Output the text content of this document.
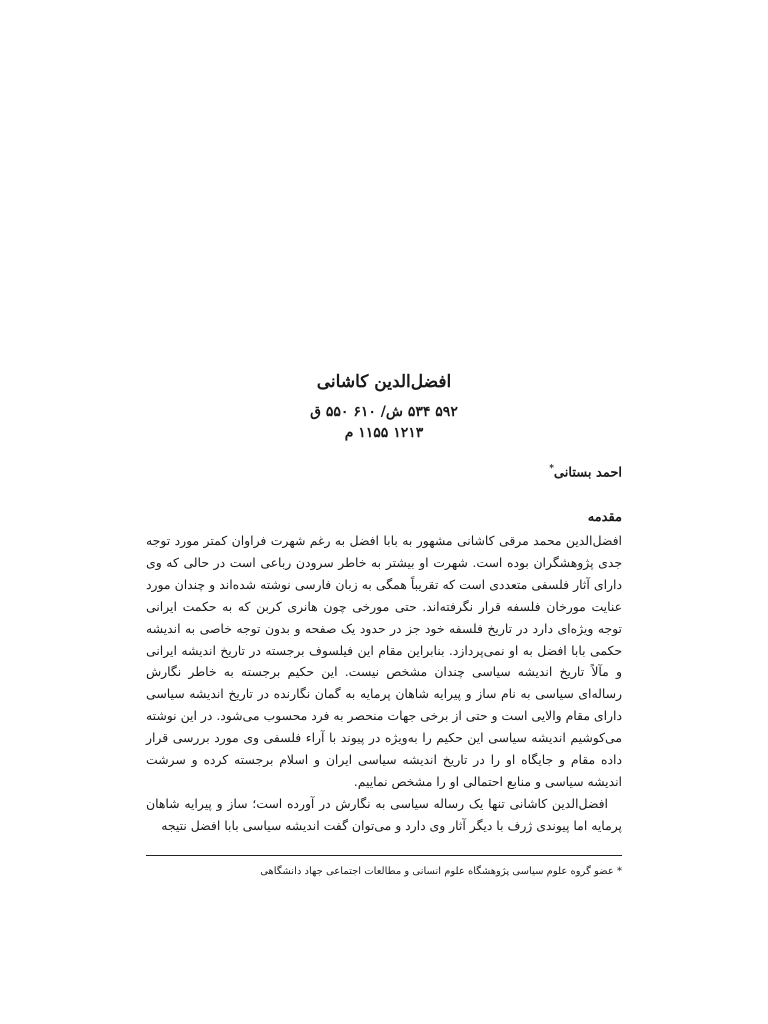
افضل‌الدين كاشانی
۵۹۲ ۵۳۴ ش/ ۶۱۰ ۵۵۰ ق
۱۲۱۳ ۱۱۵۵ م
احمد بستانی*
مقدمه

افضل‌الدين محمد مرقی كاشانی مشهور به بابا افضل به رغم شهرت فراوان كمتر مورد توجه جدی پژوهشگران بوده است. شهرت او بيشتر به خاطر سرودن رباعی است در حالی كه وی دارای آثار فلسفی متعددی است كه تقريباً همگی به زبان فارسی نوشته شده‌اند و چندان مورد عنايت مورخان فلسفه قرار نگرفته‌اند. حتی مورخی چون هانری كربن كه به حكمت ايرانی توجه ويژه‌ای دارد در تاريخ فلسفه خود جز در حدود يک صفحه و بدون توجه خاصی به انديشه حكمی بابا افضل به او نمی‌پردازد. بنابراين مقام اين فيلسوف برجسته در تاريخ انديشه ايرانی و مآلاً تاريخ انديشه سياسی چندان مشخص نيست. اين حكيم برجسته به خاطر نگارش رساله‌ای سياسی به نام ساز و پيرايه شاهان پرمايه به گمان نگارنده در تاريخ انديشه سياسی دارای مقام والايی است و حتی از برخی جهات منحصر به فرد محسوب می‌شود. در اين نوشته می‌كوشيم انديشه سياسی اين حكيم را به‌ويژه در پيوند با آراء فلسفی وی مورد بررسی قرار داده مقام و جايگاه او را در تاريخ انديشه سياسی ايران و اسلام برجسته كرده و سرشت انديشه سياسی و منابع احتمالی او را مشخص نماييم.

افضل‌الدين كاشانی تنها يک رساله سياسی به نگارش در آورده است؛ ساز و پيرايه شاهان پرمايه اما پيوندی ژرف با ديگر آثار وی دارد و می‌توان گفت انديشه سياسی بابا افضل نتيجه

* عضو گروه علوم سياسی پژوهشگاه علوم انسانی و مطالعات اجتماعی جهاد دانشگاهی
